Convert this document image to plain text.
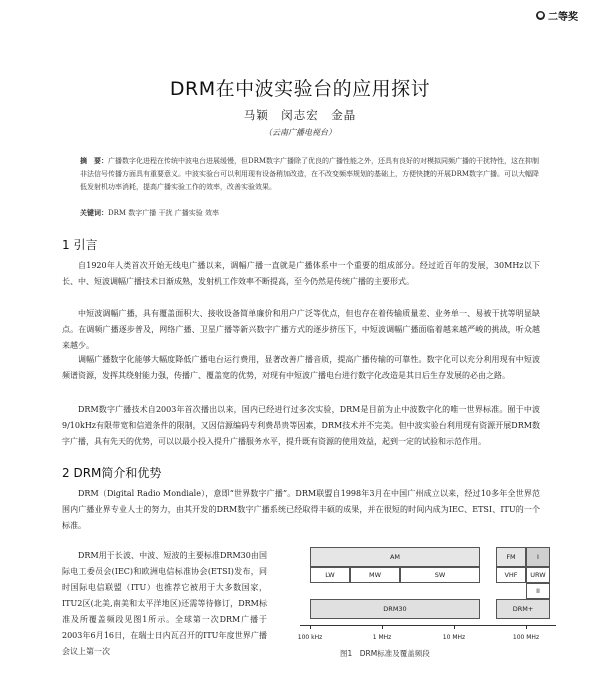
● 二等奖
DRM在中波实验台的应用探讨
马颖　闵志宏　金晶
（云南广播电视台）
摘　要：广播数字化进程在传统中波电台进展缓慢，但DRM数字广播除了优良的广播性能之外，还具有良好的对模拟同频广播的干扰特性，这在抑制非法信号传播方面具有重要意义。中波实验台可以利用现有设备稍加改造，在不改变频率规划的基础上，方便快捷的开展DRM数字广播。可以大幅降低发射机功率消耗，提高广播实验工作的效率，改善实验效果。
关键词：DRM 数字广播 干扰 广播实验 效率
1 引言

自1920年人类首次开始无线电广播以来，调幅广播一直就是广播体系中一个重要的组成部分。经过近百年的发展，30MHz以下长、中、短波调幅广播技术日渐成熟，发射机工作效率不断提高，至今仍然是传统广播的主要形式。

中短波调幅广播，具有覆盖面积大、接收设备简单廉价和用户广泛等优点，但也存在着传输质量差、业务单一、易被干扰等明显缺点。在调频广播逐步普及，网络广播、卫星广播等新兴数字广播方式的逐步挤压下，中短波调幅广播面临着越来越严峻的挑战，听众越来越少。

调幅广播数字化能够大幅度降低广播电台运行费用，显著改善广播音质，提高广播传输的可靠性。数字化可以充分利用现有中短波频谱资源，发挥其绕射能力强，传播广、覆盖宽的优势，对现有中短波广播电台进行数字化改造是其日后生存发展的必由之路。

DRM数字广播技术自2003年首次播出以来，国内已经进行过多次实验，DRM是目前为止中波数字化的唯一世界标准。囿于中波9/10kHz有限带宽和信道条件的限制，又因信源编码专利费昂贵等因素，DRM技术并不完美。但中波实验台利用现有资源开展DRM数字广播，具有先天的优势，可以以最小投入提升广播服务水平，提升既有资源的使用效益，起到一定的试验和示范作用。

2 DRM简介和优势

DRM（Digital Radio Mondiale），意即“世界数字广播”。DRM联盟自1998年3月在中国广州成立以来，经过10多年全世界范围内广播业界专业人士的努力，由其开发的DRM数字广播系统已经取得丰硕的成果，并在很短的时间内成为IEC、ETSI、ITU的一个标准。

DRM用于长波、中波、短波的主要标准DRM30由国际电工委员会(IEC)和欧洲电信标准协会(ETSI)发布，同时国际电信联盟（ITU）也推荐它被用于大多数国家，ITU2区(北美,南美和太平洋地区)还需等待修订，DRM标准及所覆盖频段见图1所示。全球第一次DRM广播于2003年6月16日，在瑞士日内瓦召开的ITU年度世界广播会议上第一次

AM	FM	I
LW	MW	SW	VHF	URW
II
DRM30	DRM+
100 kHz	1 MHz	10 MHz	100 MHz
图1　DRM标准及覆盖频段
